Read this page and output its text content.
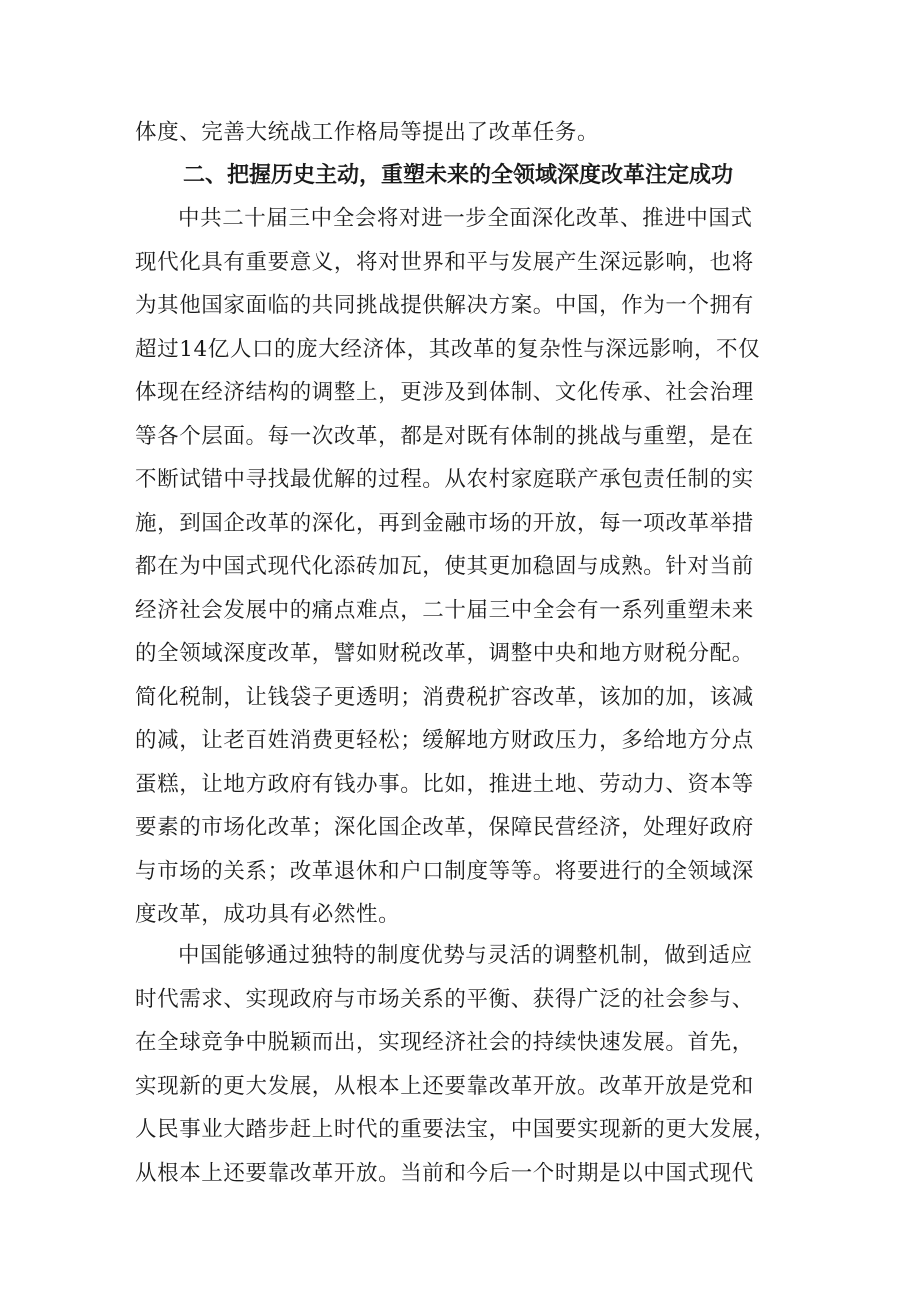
体度、完善大统战工作格局等提出了改革任务。
二、把握历史主动，重塑未来的全领域深度改革注定成功
中共二十届三中全会将对进一步全面深化改革、推进中国式
现代化具有重要意义，将对世界和平与发展产生深远影响，也将
为其他国家面临的共同挑战提供解决方案。中国，作为一个拥有
超过14亿人口的庞大经济体，其改革的复杂性与深远影响，不仅
体现在经济结构的调整上，更涉及到体制、文化传承、社会治理
等各个层面。每一次改革，都是对既有体制的挑战与重塑，是在
不断试错中寻找最优解的过程。从农村家庭联产承包责任制的实
施，到国企改革的深化，再到金融市场的开放，每一项改革举措
都在为中国式现代化添砖加瓦，使其更加稳固与成熟。针对当前
经济社会发展中的痛点难点，二十届三中全会有一系列重塑未来
的全领域深度改革，譬如财税改革，调整中央和地方财税分配。
简化税制，让钱袋子更透明；消费税扩容改革，该加的加，该减
的减，让老百姓消费更轻松；缓解地方财政压力，多给地方分点
蛋糕，让地方政府有钱办事。比如，推进土地、劳动力、资本等
要素的市场化改革；深化国企改革，保障民营经济，处理好政府
与市场的关系；改革退休和户口制度等等。将要进行的全领域深
度改革，成功具有必然性。
中国能够通过独特的制度优势与灵活的调整机制，做到适应
时代需求、实现政府与市场关系的平衡、获得广泛的社会参与、
在全球竞争中脱颖而出，实现经济社会的持续快速发展。首先，
实现新的更大发展，从根本上还要靠改革开放。改革开放是党和
人民事业大踏步赶上时代的重要法宝，中国要实现新的更大发展，
从根本上还要靠改革开放。当前和今后一个时期是以中国式现代
